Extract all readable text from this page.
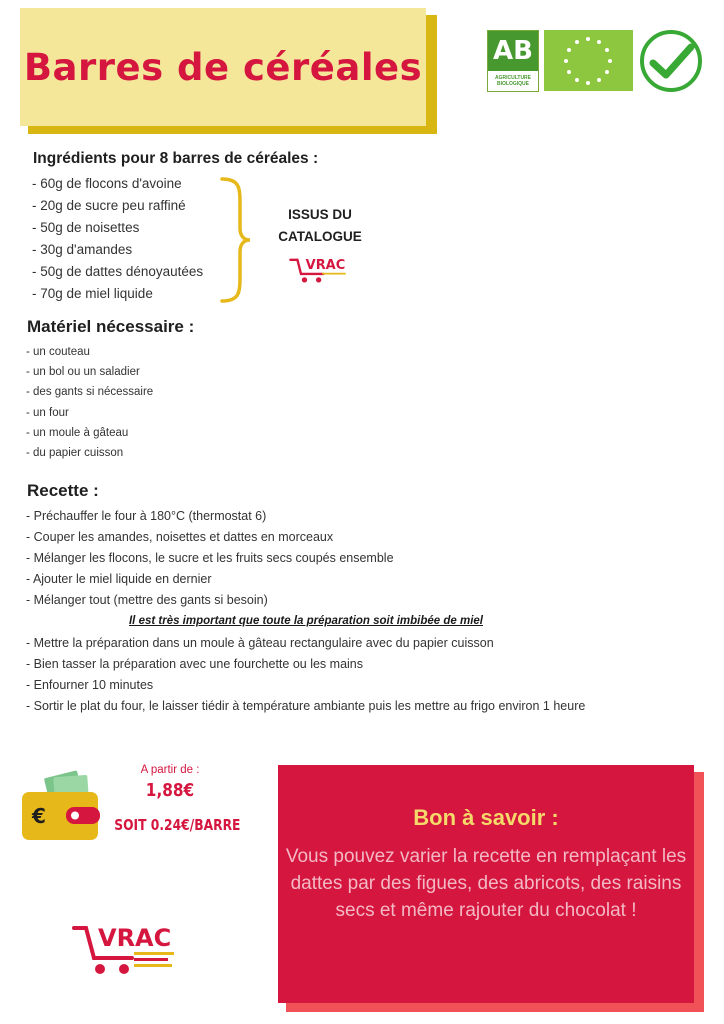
Barres de céréales	AB
AGRICULTURE BIOLOGIQUE
Ingrédients pour 8 barres de céréales :
- 60g de flocons d'avoine
- 20g de sucre peu raffiné
- 50g de noisettes
- 30g d'amandes
- 50g de dattes dénoyautées
- 70g de miel liquide
ISSUS DU
CATALOGUE
VRAC
Matériel nécessaire :
- un couteau
- un bol ou un saladier
- des gants si nécessaire
- un four
- un moule à gâteau
- du papier cuisson
Recette :
- Préchauffer le four à 180°C (thermostat 6)
- Couper les amandes, noisettes et dattes en morceaux
- Mélanger les flocons, le sucre et les fruits secs coupés ensemble
- Ajouter le miel liquide en dernier
- Mélanger tout (mettre des gants si besoin)
Il est très important que toute la préparation soit imbibée de miel
- Mettre la préparation dans un moule à gâteau rectangulaire avec du papier cuisson
- Bien tasser la préparation avec une fourchette ou les mains
- Enfourner 10 minutes
- Sortir le plat du four, le laisser tiédir à température ambiante puis les mettre au frigo environ 1 heure
€
A partir de :
1,88€
SOIT 0.24€/BARRE
VRAC
Bon à savoir :

Vous pouvez varier la recette en remplaçant les dattes par des figues, des abricots, des raisins secs et même rajouter du chocolat !
